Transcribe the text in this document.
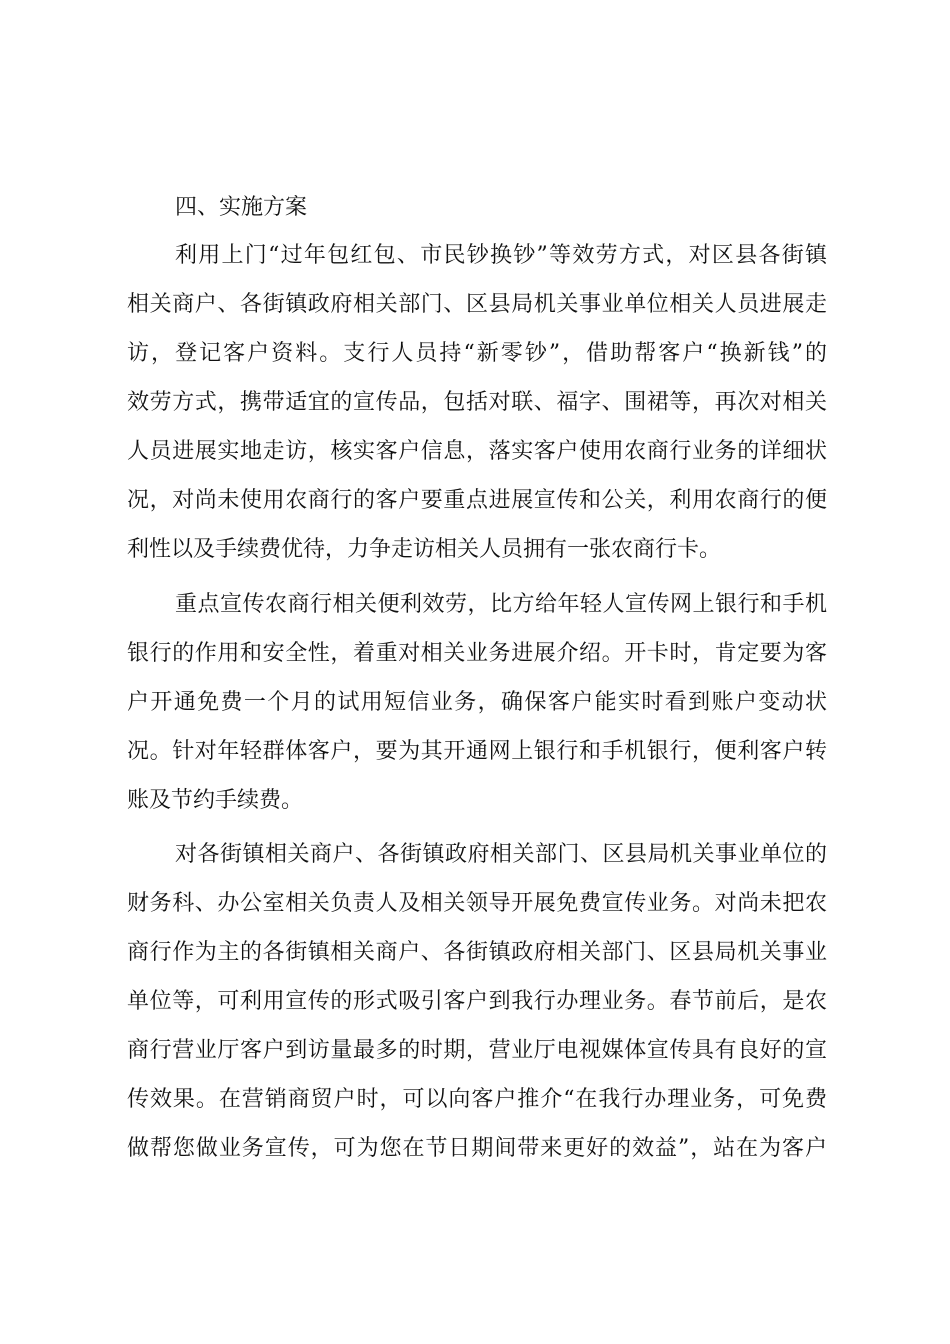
四、实施方案
利用上门“过年包红包、市民钞换钞”等效劳方式，对区县各街镇
相关商户、各街镇政府相关部门、区县局机关事业单位相关人员进展走
访，登记客户资料。支行人员持“新零钞”，借助帮客户“换新钱”的
效劳方式，携带适宜的宣传品，包括对联、福字、围裙等，再次对相关
人员进展实地走访，核实客户信息，落实客户使用农商行业务的详细状
况，对尚未使用农商行的客户要重点进展宣传和公关，利用农商行的便
利性以及手续费优待，力争走访相关人员拥有一张农商行卡。
重点宣传农商行相关便利效劳，比方给年轻人宣传网上银行和手机
银行的作用和安全性，着重对相关业务进展介绍。开卡时，肯定要为客
户开通免费一个月的试用短信业务，确保客户能实时看到账户变动状
况。针对年轻群体客户，要为其开通网上银行和手机银行，便利客户转
账及节约手续费。
对各街镇相关商户、各街镇政府相关部门、区县局机关事业单位的
财务科、办公室相关负责人及相关领导开展免费宣传业务。对尚未把农
商行作为主的各街镇相关商户、各街镇政府相关部门、区县局机关事业
单位等，可利用宣传的形式吸引客户到我行办理业务。春节前后，是农
商行营业厅客户到访量最多的时期，营业厅电视媒体宣传具有良好的宣
传效果。在营销商贸户时，可以向客户推介“在我行办理业务，可免费
做帮您做业务宣传，可为您在节日期间带来更好的效益”，站在为客户
